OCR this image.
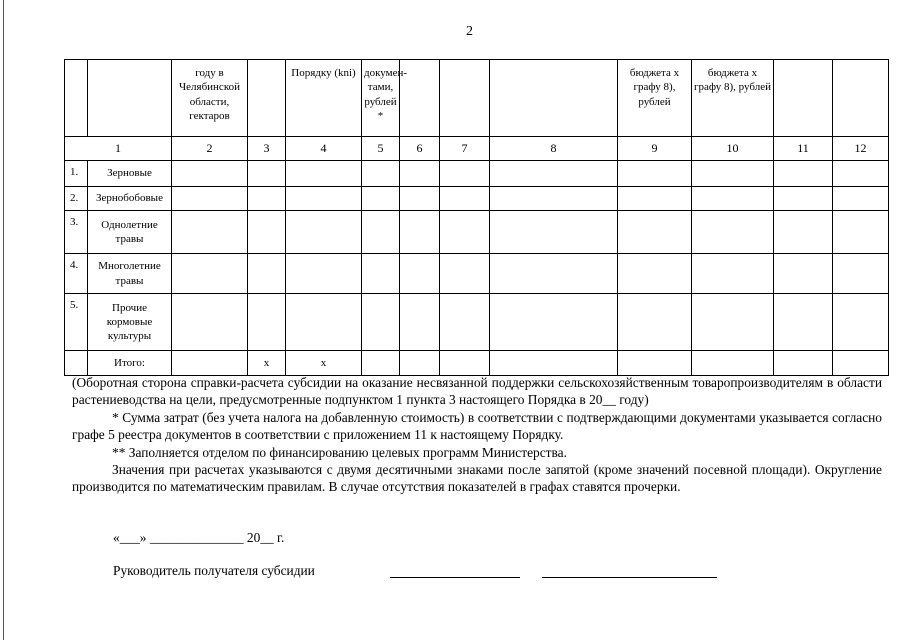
2
		году в Челябинской области, гектаров		Порядку (kni)	докумен-тами, рублей *				бюджета х графу 8), рублей	бюджета х графу 8), рублей		
1		2	3	4	5	6	7	8	9	10	11	12
1.	Зерновые											
2.	Зернобобовые											
3.	Однолетние травы											
4.	Многолетние травы											
5.	Прочие кормовые культуры											
	Итого:		x	x								

(Оборотная сторона справки-расчета субсидии на оказание несвязанной поддержки сельскохозяйственным товаропроизводителям в области растениеводства на цели, предусмотренные подпунктом 1 пункта 3 настоящего Порядка в 20__ году)

* Сумма затрат (без учета налога на добавленную стоимость) в соответствии с подтверждающими документами указывается согласно графе 5 реестра документов в соответствии с приложением 11 к настоящему Порядку.

** Заполняется отделом по финансированию целевых программ Министерства.

Значения при расчетах указываются с двумя десятичными знаками после запятой (кроме значений посевной площади). Округление производится по математическим правилам. В случае отсутствия показателей в графах ставятся прочерки.

«___» ______________ 20__ г.
Руководитель получателя субсидии
